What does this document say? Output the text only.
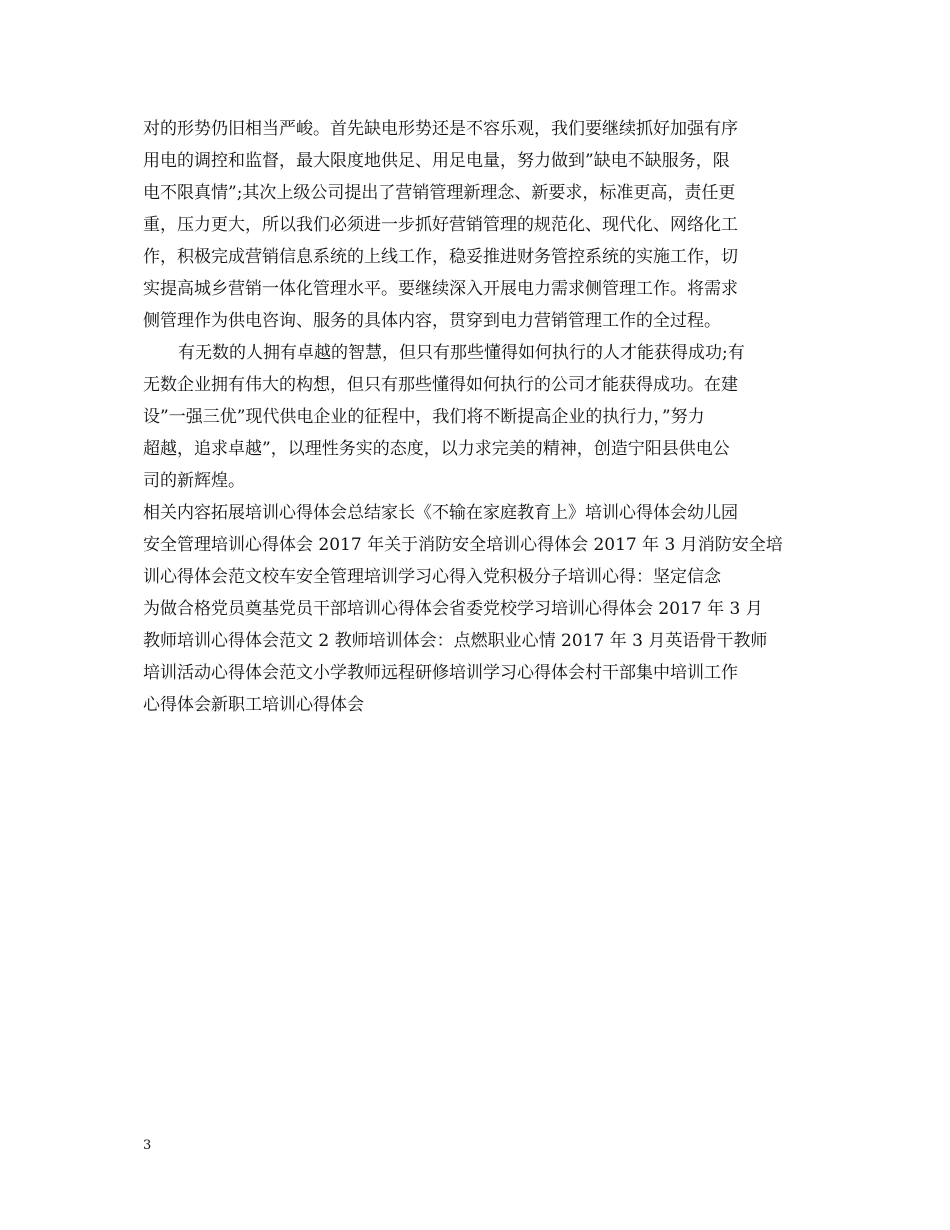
对的形势仍旧相当严峻。首先缺电形势还是不容乐观，我们要继续抓好加强有序
用电的调控和监督，最大限度地供足、用足电量，努力做到”缺电不缺服务，限
电不限真情”;其次上级公司提出了营销管理新理念、新要求，标准更高，责任更
重，压力更大，所以我们必须进一步抓好营销管理的规范化、现代化、网络化工
作，积极完成营销信息系统的上线工作，稳妥推进财务管控系统的实施工作，切
实提高城乡营销一体化管理水平。要继续深入开展电力需求侧管理工作。将需求
侧管理作为供电咨询、服务的具体内容，贯穿到电力营销管理工作的全过程。
有无数的人拥有卓越的智慧，但只有那些懂得如何执行的人才能获得成功;有
无数企业拥有伟大的构想，但只有那些懂得如何执行的公司才能获得成功。在建
设”一强三优”现代供电企业的征程中，我们将不断提高企业的执行力，”努力
超越，追求卓越”，以理性务实的态度，以力求完美的精神，创造宁阳县供电公
司的新辉煌。
相关内容拓展培训心得体会总结家长《不输在家庭教育上》培训心得体会幼儿园
安全管理培训心得体会 2017 年关于消防安全培训心得体会 2017 年 3 月消防安全培
训心得体会范文校车安全管理培训学习心得入党积极分子培训心得：坚定信念
为做合格党员奠基党员干部培训心得体会省委党校学习培训心得体会 2017 年 3 月
教师培训心得体会范文 2 教师培训体会：点燃职业心情 2017 年 3 月英语骨干教师
培训活动心得体会范文小学教师远程研修培训学习心得体会村干部集中培训工作
心得体会新职工培训心得体会
3
